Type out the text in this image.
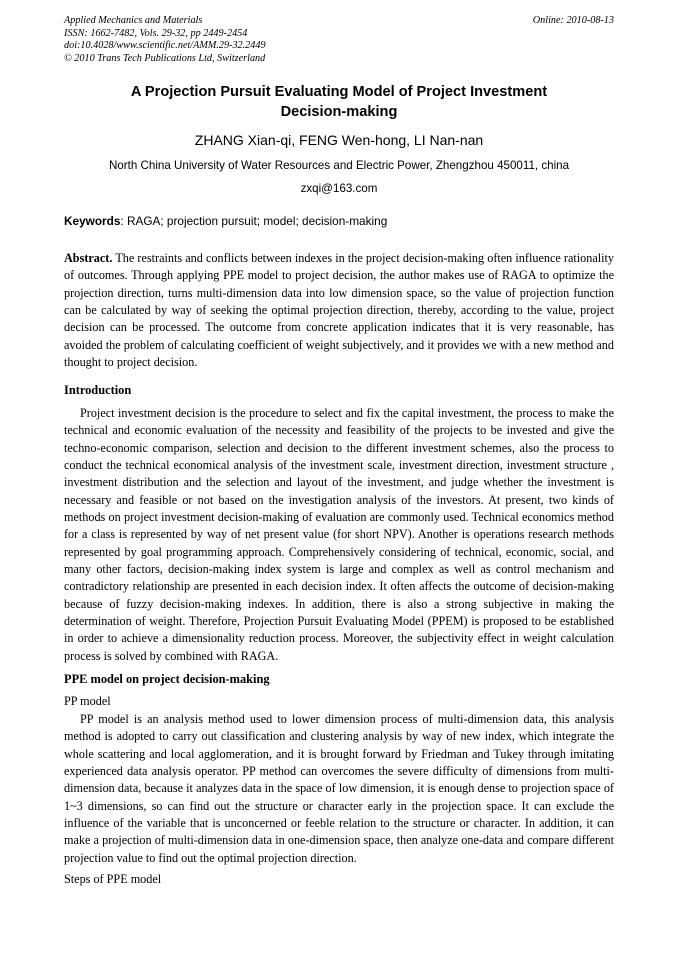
Applied Mechanics and Materials
ISSN: 1662-7482, Vols. 29-32, pp 2449-2454
doi:10.4028/www.scientific.net/AMM.29-32.2449
© 2010 Trans Tech Publications Ltd, Switzerland
Online: 2010-08-13
A Projection Pursuit Evaluating Model of Project Investment
Decision-making
ZHANG Xian-qi, FENG Wen-hong, LI Nan-nan
North China University of Water Resources and Electric Power, Zhengzhou 450011, china
zxqi@163.com
Keywords: RAGA; projection pursuit; model; decision-making
Abstract. The restraints and conflicts between indexes in the project decision-making often influence rationality of outcomes. Through applying PPE model to project decision, the author makes use of RAGA to optimize the projection direction, turns multi-dimension data into low dimension space, so the value of projection function can be calculated by way of seeking the optimal projection direction, thereby, according to the value, project decision can be processed. The outcome from concrete application indicates that it is very reasonable, has avoided the problem of calculating coefficient of weight subjectively, and it provides we with a new method and thought to project decision.
Introduction
Project investment decision is the procedure to select and fix the capital investment, the process to make the technical and economic evaluation of the necessity and feasibility of the projects to be invested and give the techno-economic comparison, selection and decision to the different investment schemes, also the process to conduct the technical economical analysis of the investment scale, investment direction, investment structure , investment distribution and the selection and layout of the investment, and judge whether the investment is necessary and feasible or not based on the investigation analysis of the investors. At present, two kinds of methods on project investment decision-making of evaluation are commonly used. Technical economics method for a class is represented by way of net present value (for short NPV). Another is operations research methods represented by goal programming approach. Comprehensively considering of technical, economic, social, and many other factors, decision-making index system is large and complex as well as control mechanism and contradictory relationship are presented in each decision index. It often affects the outcome of decision-making because of fuzzy decision-making indexes. In addition, there is also a strong subjective in making the determination of weight. Therefore, Projection Pursuit Evaluating Model (PPEM) is proposed to be established in order to achieve a dimensionality reduction process. Moreover, the subjectivity effect in weight calculation process is solved by combined with RAGA.
PPE model on project decision-making
PP model
PP model is an analysis method used to lower dimension process of multi-dimension data, this analysis method is adopted to carry out classification and clustering analysis by way of new index, which integrate the whole scattering and local agglomeration, and it is brought forward by Friedman and Tukey through imitating experienced data analysis operator. PP method can overcomes the severe difficulty of dimensions from multi-dimension data, because it analyzes data in the space of low dimension, it is enough dense to projection space of 1~3 dimensions, so can find out the structure or character early in the projection space. It can exclude the influence of the variable that is unconcerned or feeble relation to the structure or character. In addition, it can make a projection of multi-dimension data in one-dimension space, then analyze one-data and compare different projection value to find out the optimal projection direction.
Steps of PPE model
